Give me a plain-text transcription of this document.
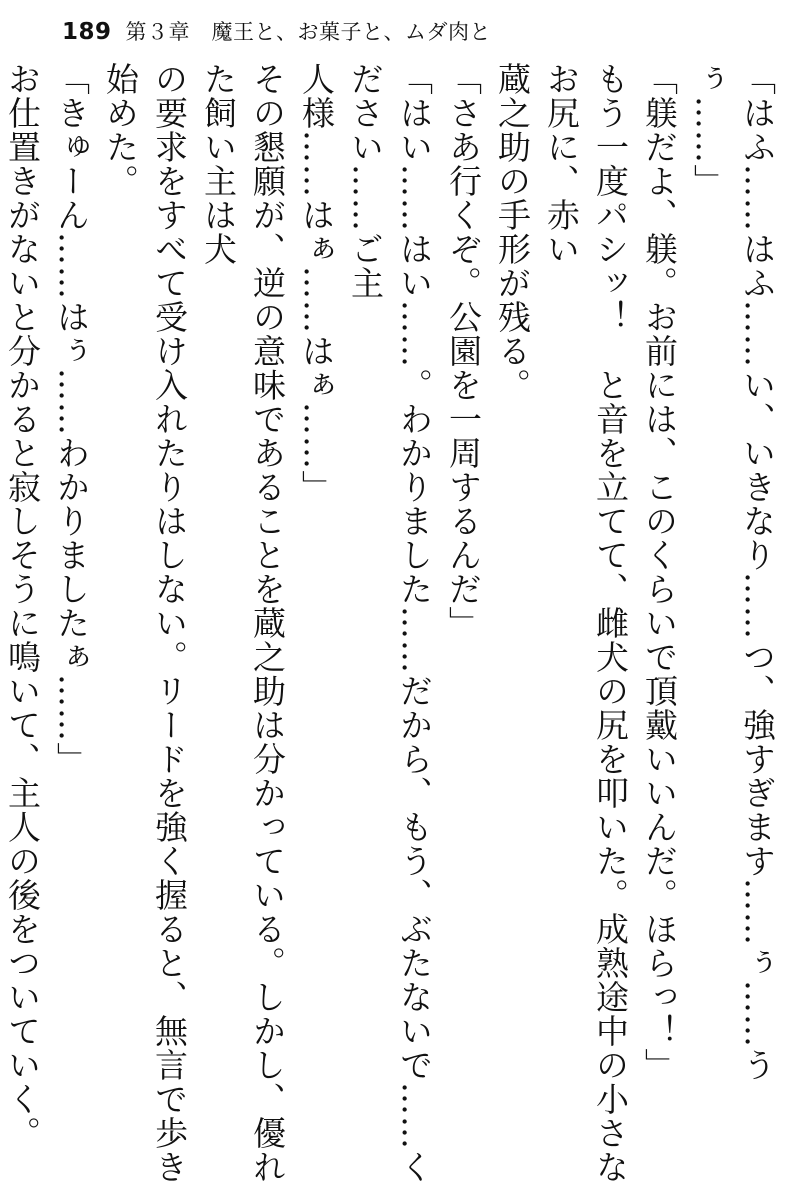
189 第３章　魔王と、お菓子と、ムダ肉と

「はふ……はふ……い、いきなり……つ、強すぎます……ぅ……うぅ……」

「躾だよ、躾。お前には、このくらいで頂戴いいんだ。ほらっ！」

もう一度パシッ！　と音を立てて、雌犬の尻を叩いた。成熟途中の小さなお尻に、赤い

蔵之助の手形が残る。

「さあ行くぞ。公園を一周するんだ」

「はい……はい……。わかりました……だから、もう、ぶたないで……ください……ご主

人様……はぁ……はぁ……」

その懇願が、逆の意味であることを蔵之助は分かっている。しかし、優れた飼い主は犬

の要求をすべて受け入れたりはしない。リードを強く握ると、無言で歩き始めた。

「きゅーん……はぅ……わかりましたぁ……」

お仕置きがないと分かると寂しそうに鳴いて、主人の後をついていく。
